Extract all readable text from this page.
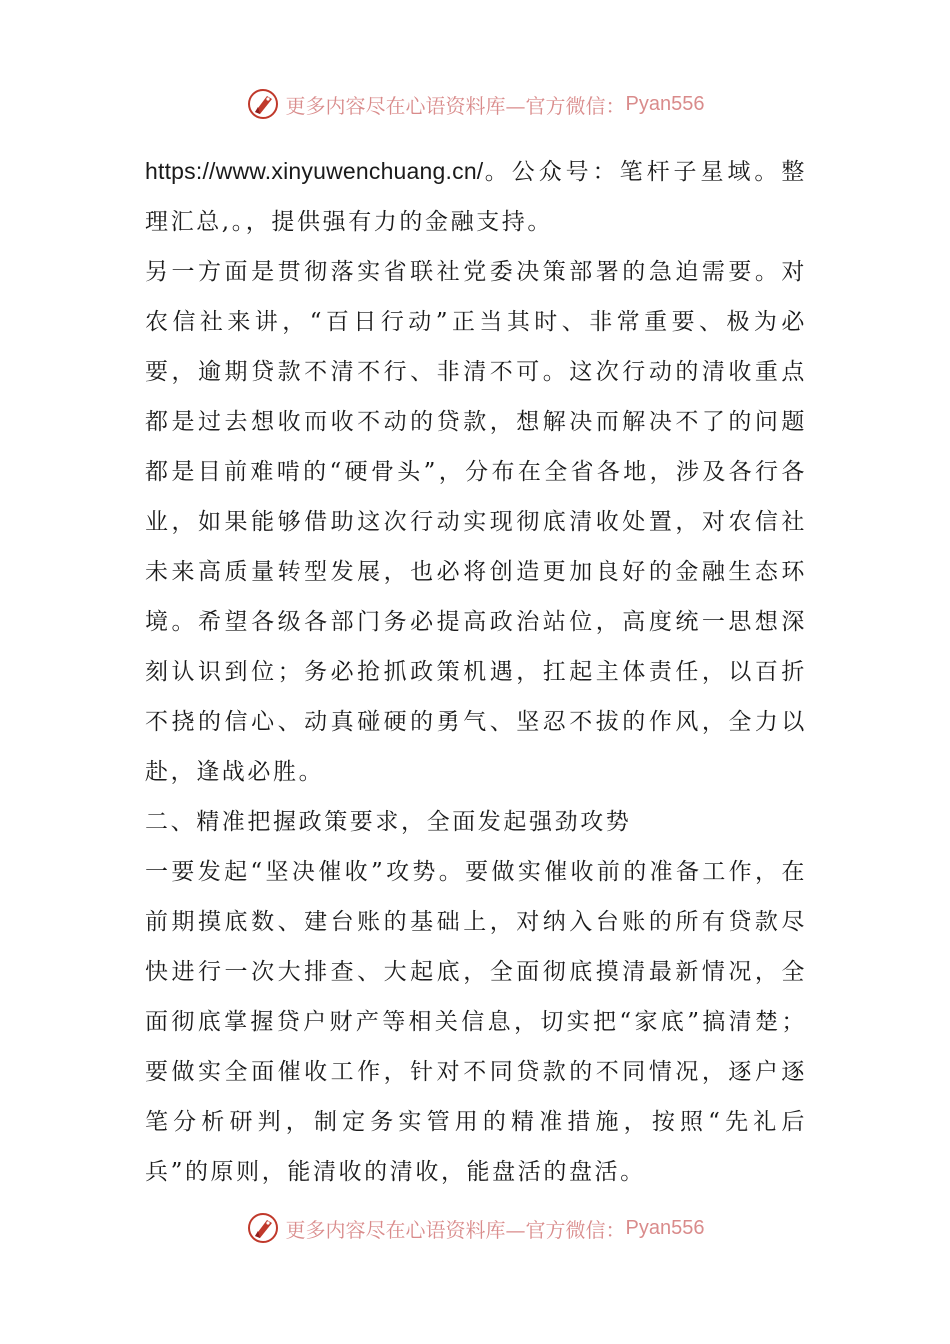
更多内容尽在心语资料库—官方微信： Pyan556

https://www.xinyuwenchuang.cn/。公众号：笔杆子星域。整理汇总,。，提供强有力的金融支持。

另一方面是贯彻落实省联社党委决策部署的急迫需要。对农信社来讲，“百日行动”正当其时、非常重要、极为必要，逾期贷款不清不行、非清不可。这次行动的清收重点都是过去想收而收不动的贷款，想解决而解决不了的问题都是目前难啃的“硬骨头”，分布在全省各地，涉及各行各业，如果能够借助这次行动实现彻底清收处置，对农信社未来高质量转型发展，也必将创造更加良好的金融生态环境。希望各级各部门务必提高政治站位，高度统一思想深刻认识到位；务必抢抓政策机遇，扛起主体责任，以百折不挠的信心、动真碰硬的勇气、坚忍不拔的作风，全力以赴，逢战必胜。

二、精准把握政策要求，全面发起强劲攻势

一要发起“坚决催收”攻势。要做实催收前的准备工作，在前期摸底数、建台账的基础上，对纳入台账的所有贷款尽快进行一次大排查、大起底，全面彻底摸清最新情况，全面彻底掌握贷户财产等相关信息，切实把“家底”搞清楚；要做实全面催收工作，针对不同贷款的不同情况，逐户逐笔分析研判，制定务实管用的精准措施，按照“先礼后兵”的原则，能清收的清收，能盘活的盘活。

更多内容尽在心语资料库—官方微信： Pyan556
